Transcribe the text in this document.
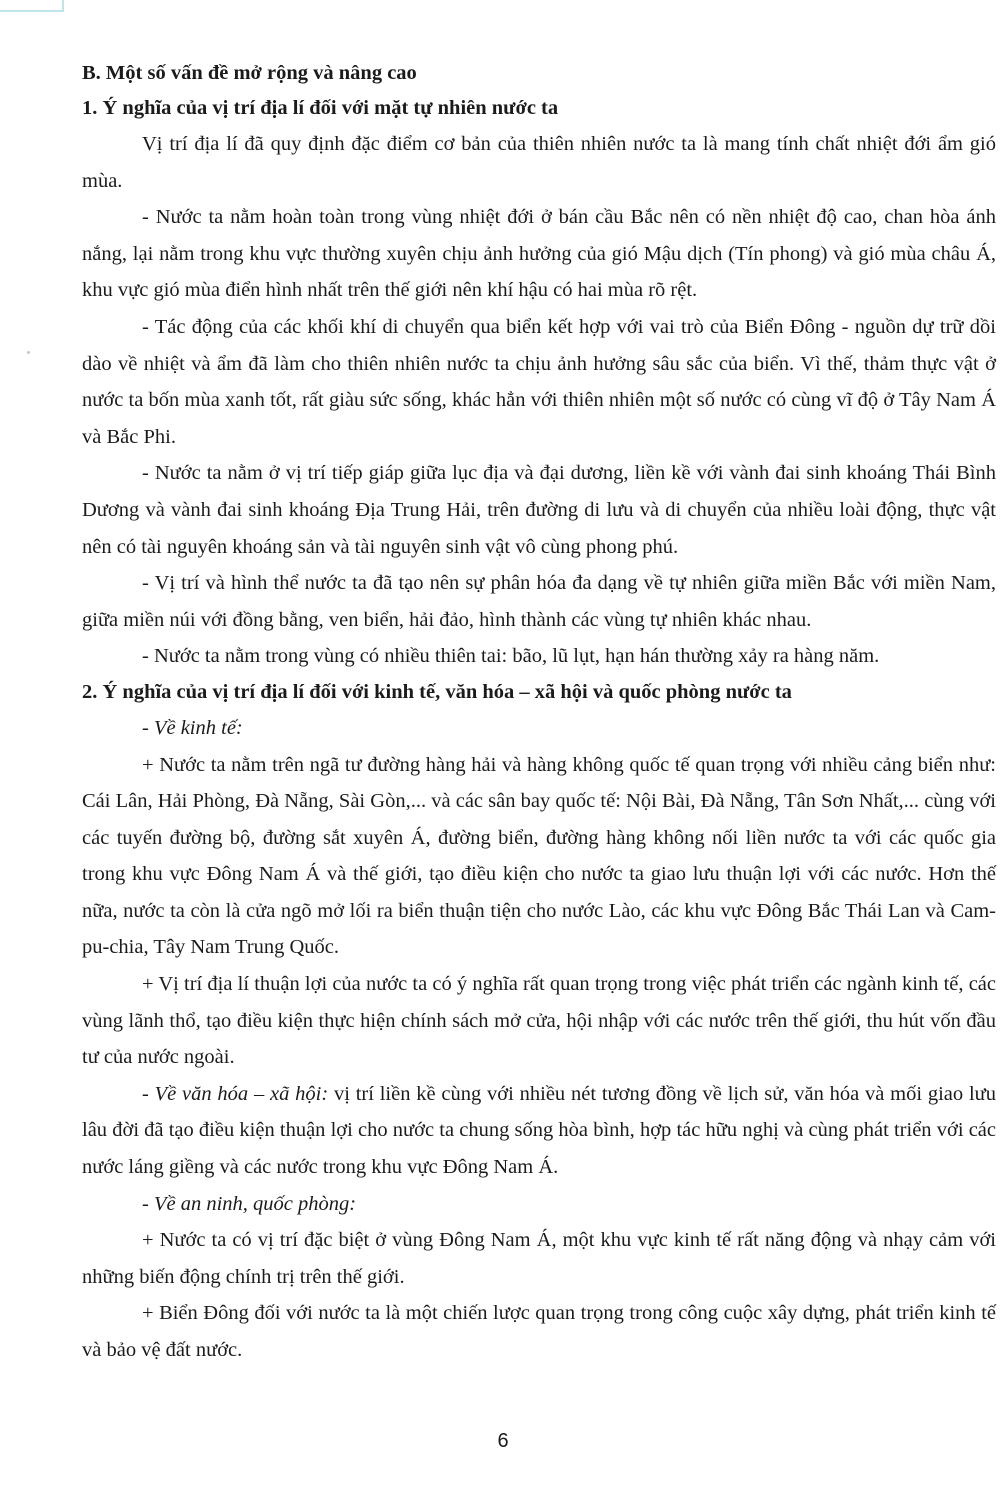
B. Một số vấn đề mở rộng và nâng cao
1. Ý nghĩa của vị trí địa lí đối với mặt tự nhiên nước ta

Vị trí địa lí đã quy định đặc điểm cơ bản của thiên nhiên nước ta là mang tính chất nhiệt đới ẩm gió mùa.

- Nước ta nằm hoàn toàn trong vùng nhiệt đới ở bán cầu Bắc nên có nền nhiệt độ cao, chan hòa ánh nắng, lại nằm trong khu vực thường xuyên chịu ảnh hưởng của gió Mậu dịch (Tín phong) và gió mùa châu Á, khu vực gió mùa điển hình nhất trên thế giới nên khí hậu có hai mùa rõ rệt.

- Tác động của các khối khí di chuyển qua biển kết hợp với vai trò của Biển Đông - nguồn dự trữ dồi dào về nhiệt và ẩm đã làm cho thiên nhiên nước ta chịu ảnh hưởng sâu sắc của biển. Vì thế, thảm thực vật ở nước ta bốn mùa xanh tốt, rất giàu sức sống, khác hẳn với thiên nhiên một số nước có cùng vĩ độ ở Tây Nam Á và Bắc Phi.

- Nước ta nằm ở vị trí tiếp giáp giữa lục địa và đại dương, liền kề với vành đai sinh khoáng Thái Bình Dương và vành đai sinh khoáng Địa Trung Hải, trên đường di lưu và di chuyển của nhiều loài động, thực vật nên có tài nguyên khoáng sản và tài nguyên sinh vật vô cùng phong phú.

- Vị trí và hình thể nước ta đã tạo nên sự phân hóa đa dạng về tự nhiên giữa miền Bắc với miền Nam, giữa miền núi với đồng bằng, ven biển, hải đảo, hình thành các vùng tự nhiên khác nhau.

- Nước ta nằm trong vùng có nhiều thiên tai: bão, lũ lụt, hạn hán thường xảy ra hàng năm.

2. Ý nghĩa của vị trí địa lí đối với kinh tế, văn hóa – xã hội và quốc phòng nước ta

- Về kinh tế:

+ Nước ta nằm trên ngã tư đường hàng hải và hàng không quốc tế quan trọng với nhiều cảng biển như: Cái Lân, Hải Phòng, Đà Nẵng, Sài Gòn,... và các sân bay quốc tế: Nội Bài, Đà Nẵng, Tân Sơn Nhất,... cùng với các tuyến đường bộ, đường sắt xuyên Á, đường biển, đường hàng không nối liền nước ta với các quốc gia trong khu vực Đông Nam Á và thế giới, tạo điều kiện cho nước ta giao lưu thuận lợi với các nước. Hơn thế nữa, nước ta còn là cửa ngõ mở lối ra biển thuận tiện cho nước Lào, các khu vực Đông Bắc Thái Lan và Cam-pu-chia, Tây Nam Trung Quốc.

+ Vị trí địa lí thuận lợi của nước ta có ý nghĩa rất quan trọng trong việc phát triển các ngành kinh tế, các vùng lãnh thổ, tạo điều kiện thực hiện chính sách mở cửa, hội nhập với các nước trên thế giới, thu hút vốn đầu tư của nước ngoài.

- Về văn hóa – xã hội: vị trí liền kề cùng với nhiều nét tương đồng về lịch sử, văn hóa và mối giao lưu lâu đời đã tạo điều kiện thuận lợi cho nước ta chung sống hòa bình, hợp tác hữu nghị và cùng phát triển với các nước láng giềng và các nước trong khu vực Đông Nam Á.

- Về an ninh, quốc phòng:

+ Nước ta có vị trí đặc biệt ở vùng Đông Nam Á, một khu vực kinh tế rất năng động và nhạy cảm với những biến động chính trị trên thế giới.

+ Biển Đông đối với nước ta là một chiến lược quan trọng trong công cuộc xây dựng, phát triển kinh tế và bảo vệ đất nước.

6
